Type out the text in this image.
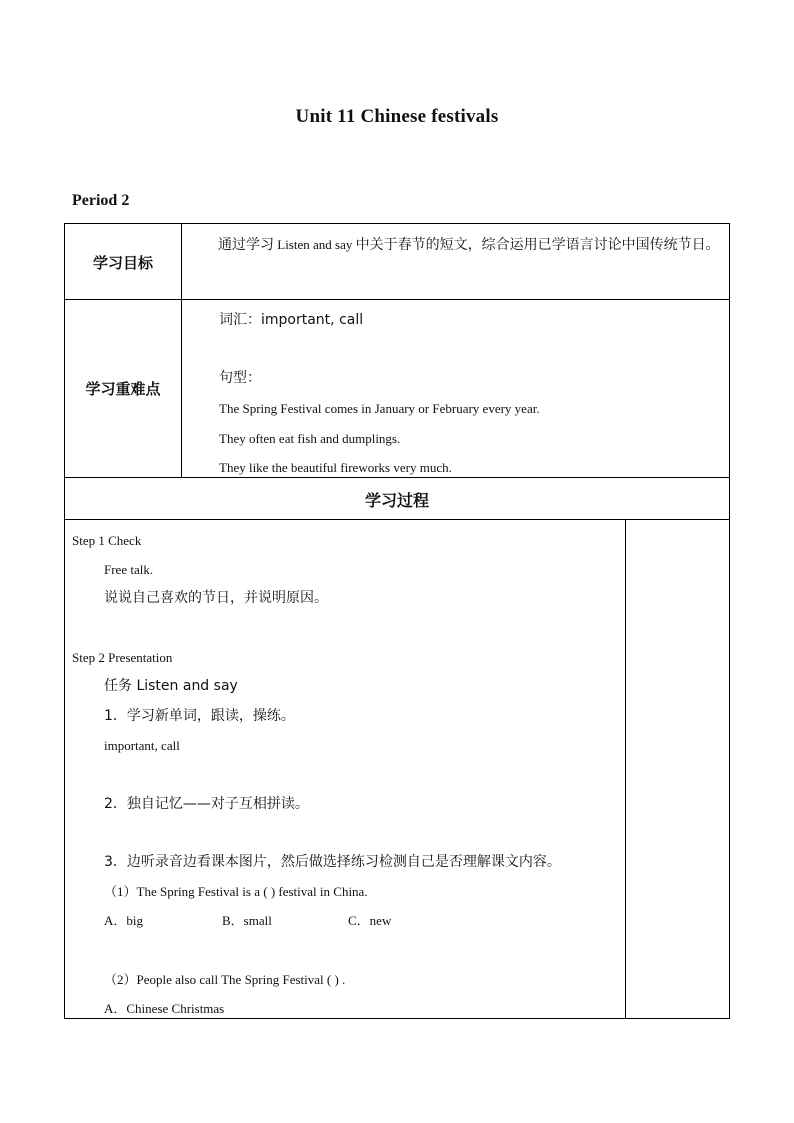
Unit 11 Chinese festivals
Period 2
学习目标
通过学习 Listen and say 中关于春节的短文，综合运用已学语言讨论中国传统节日。
学习重难点
词汇：important, call
句型：
The Spring Festival comes in January or February every year.
They often eat fish and dumplings.
They like the beautiful fireworks very much.
学习过程
Step 1 Check
Free talk.
说说自己喜欢的节日，并说明原因。
Step 2 Presentation
任务 Listen and say
1．学习新单词，跟读，操练。
important, call
2．独自记忆——对子互相拼读。
3．边听录音边看课本图片，然后做选择练习检测自己是否理解课文内容。
（1）The Spring Festival is a ( ) festival in China.
A．big	B．small	C．new
（2）People also call The Spring Festival ( ) .
A．Chinese Christmas
